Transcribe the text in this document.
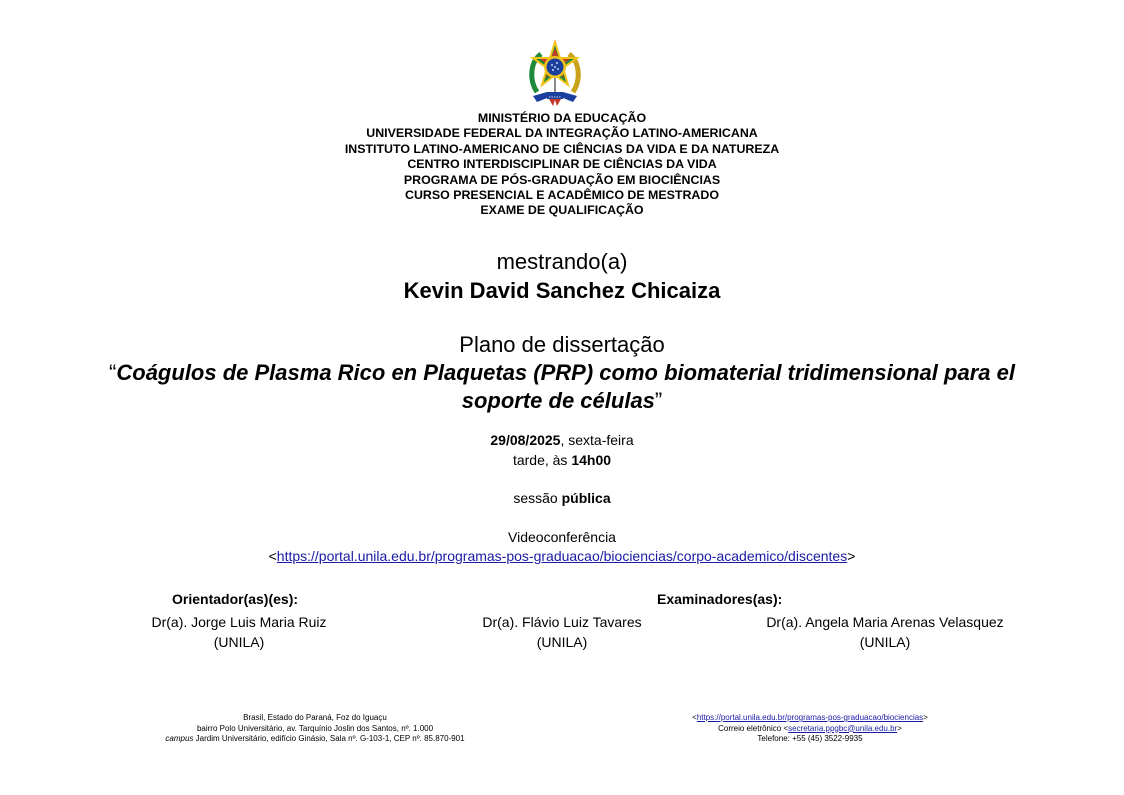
MINISTÉRIO DA EDUCAÇÃO
UNIVERSIDADE FEDERAL DA INTEGRAÇÃO LATINO-AMERICANA
INSTITUTO LATINO-AMERICANO DE CIÊNCIAS DA VIDA E DA NATUREZA
CENTRO INTERDISCIPLINAR DE CIÊNCIAS DA VIDA
PROGRAMA DE PÓS-GRADUAÇÃO EM BIOCIÊNCIAS
CURSO PRESENCIAL E ACADÊMICO DE MESTRADO
EXAME DE QUALIFICAÇÃO
mestrando(a)
Kevin David Sanchez Chicaiza
Plano de dissertação
“Coágulos de Plasma Rico en Plaquetas (PRP) como biomaterial tridimensional para el soporte de células”
29/08/2025, sexta-feira
tarde, às 14h00
sessão pública
Videoconferência
<https://portal.unila.edu.br/programas-pos-graduacao/biociencias/corpo-academico/discentes>
Orientador(as)(es):	Examinadores(as):
Dr(a). Jorge Luis Maria Ruiz
(UNILA)
Dr(a). Flávio Luiz Tavares
(UNILA)
Dr(a). Angela Maria Arenas Velasquez
(UNILA)
Brasil, Estado do Paraná, Foz do Iguaçu
bairro Polo Universitário, av. Tarquínio Joslin dos Santos, nº. 1.000
campus Jardim Universitário, edifício Ginásio, Sala nº. G-103-1, CEP nº. 85.870-901
<https://portal.unila.edu.br/programas-pos-graduacao/biociencias>
Correio eletrônico <secretaria.ppgbc@unila.edu.br>
Telefone: +55 (45) 3522-9935
